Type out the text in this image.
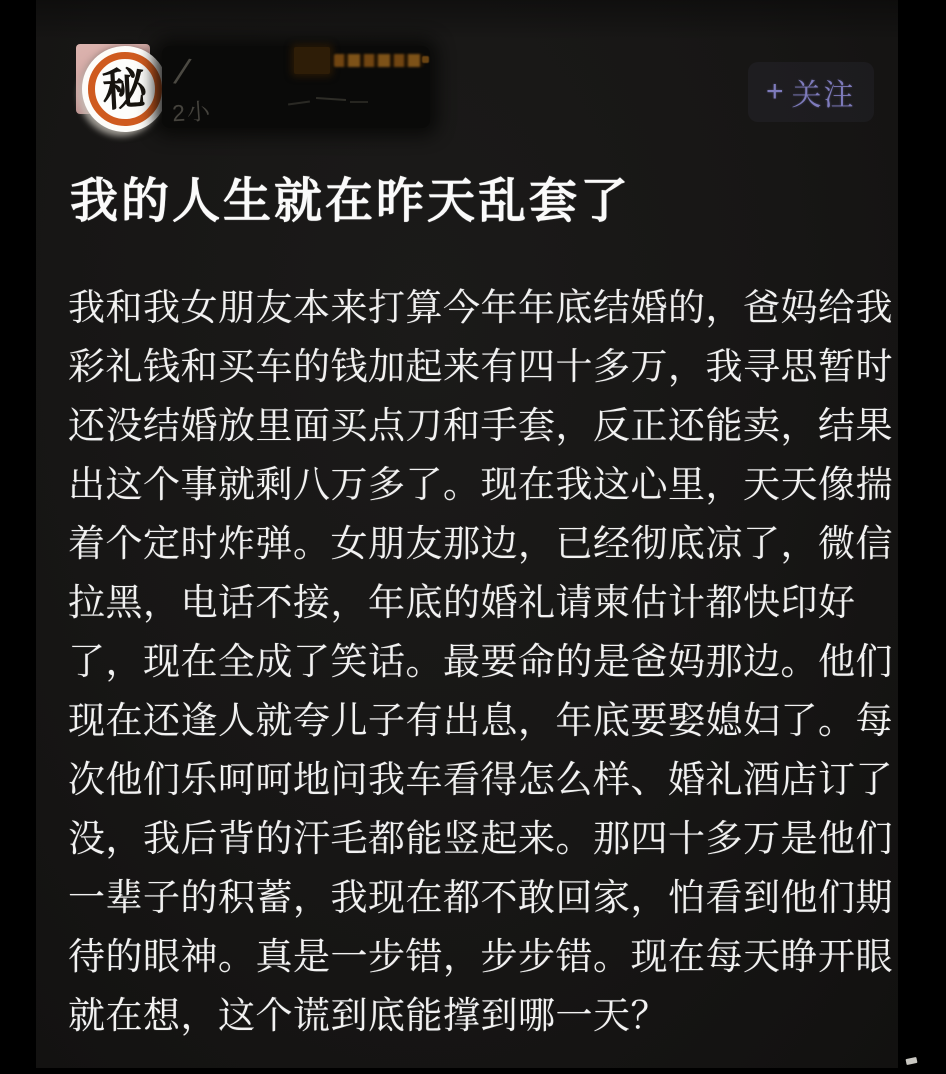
秘 /
2小
+ 关注
我的人生就在昨天乱套了
我和我女朋友本来打算今年年底结婚的，爸妈给我
彩礼钱和买车的钱加起来有四十多万，我寻思暂时
还没结婚放里面买点刀和手套，反正还能卖，结果
出这个事就剩八万多了。现在我这心里，天天像揣
着个定时炸弹。女朋友那边，已经彻底凉了，微信
拉黑，电话不接，年底的婚礼请柬估计都快印好
了，现在全成了笑话。最要命的是爸妈那边。他们
现在还逢人就夸儿子有出息，年底要娶媳妇了。每
次他们乐呵呵地问我车看得怎么样、婚礼酒店订了
没，我后背的汗毛都能竖起来。那四十多万是他们
一辈子的积蓄，我现在都不敢回家，怕看到他们期
待的眼神。真是一步错，步步错。现在每天睁开眼
就在想，这个谎到底能撑到哪一天？
